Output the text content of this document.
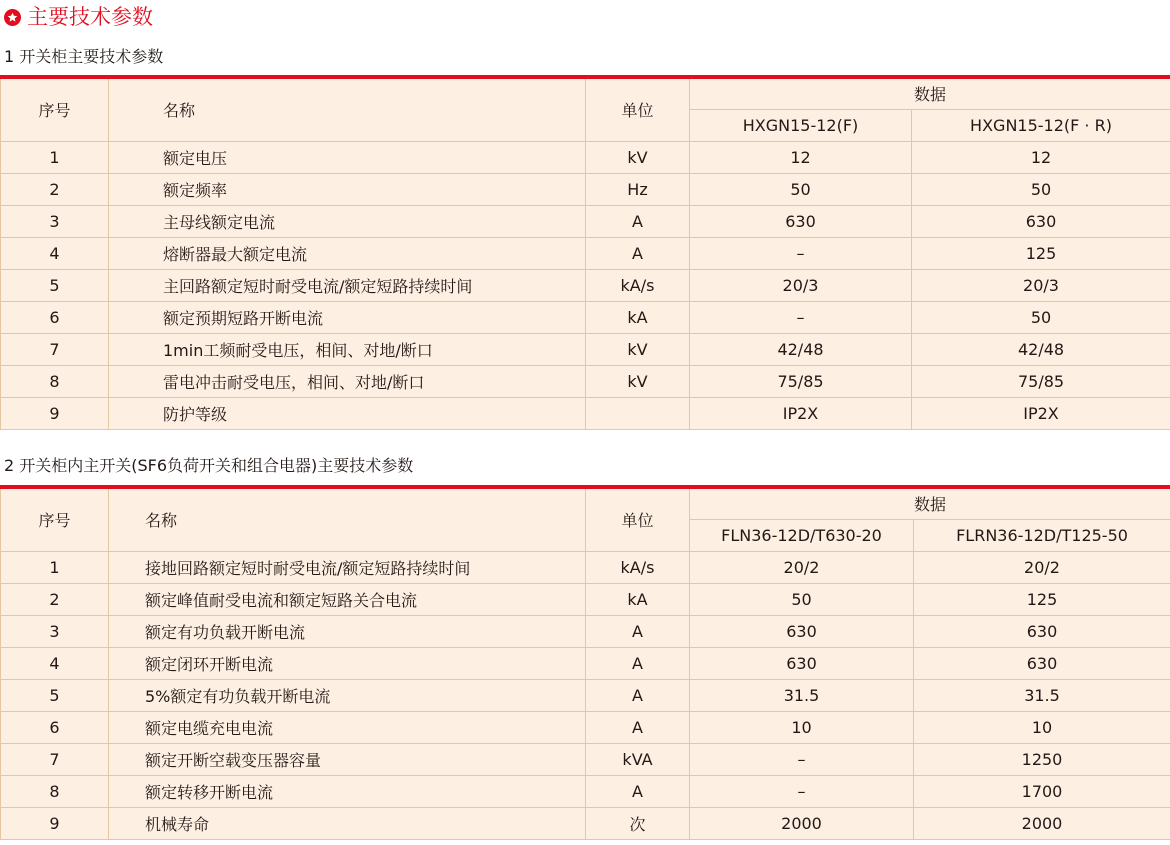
主要技术参数
1 开关柜主要技术参数
序号	名称	单位	数据	
			HXGN15-12(F)	HXGN15-12(F · R)
1	额定电压	kV	12	12
2	额定频率	Hz	50	50
3	主母线额定电流	A	630	630
4	熔断器最大额定电流	A	–	125
5	主回路额定短时耐受电流/额定短路持续时间	kA/s	20/3	20/3
6	额定预期短路开断电流	kA	–	50
7	1min工频耐受电压，相间、对地/断口	kV	42/48	42/48
8	雷电冲击耐受电压，相间、对地/断口	kV	75/85	75/85
9	防护等级		IP2X	IP2X
2 开关柜内主开关(SF6负荷开关和组合电器)主要技术参数
序号	名称	单位	数据	
			FLN36-12D/T630-20	FLRN36-12D/T125-50
1	接地回路额定短时耐受电流/额定短路持续时间	kA/s	20/2	20/2
2	额定峰值耐受电流和额定短路关合电流	kA	50	125
3	额定有功负载开断电流	A	630	630
4	额定闭环开断电流	A	630	630
5	5%额定有功负载开断电流	A	31.5	31.5
6	额定电缆充电电流	A	10	10
7	额定开断空载变压器容量	kVA	–	1250
8	额定转移开断电流	A	–	1700
9	机械寿命	次	2000	2000
